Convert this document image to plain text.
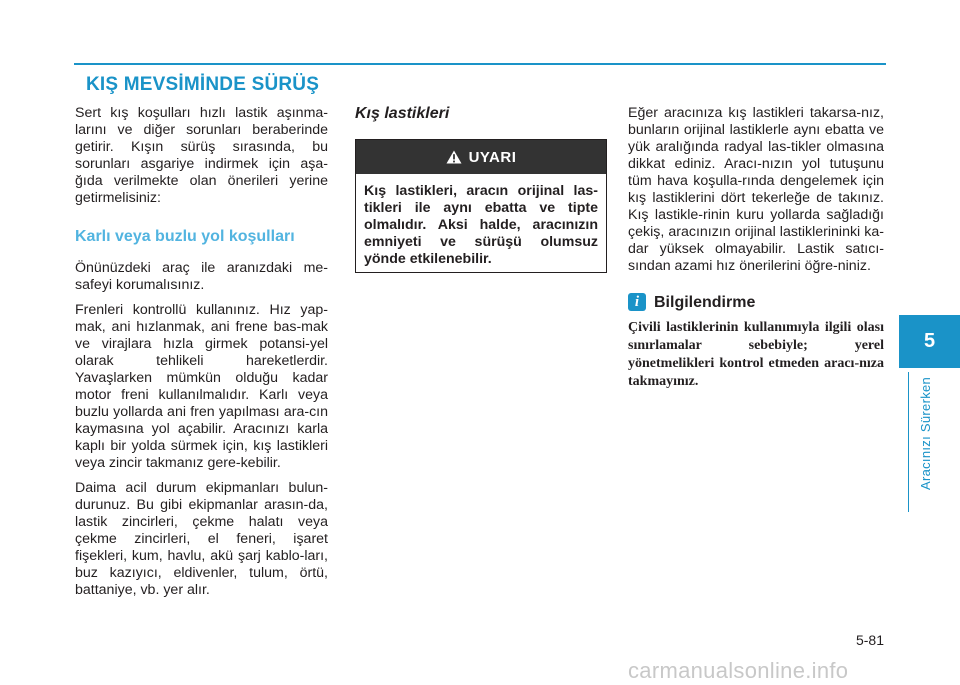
KIŞ MEVSİMİNDE SÜRÜŞ

Sert kış koşulları hızlı lastik aşınma-larını ve diğer sorunları beraberinde getirir. Kışın sürüş sırasında, bu sorunları asgariye indirmek için aşa-ğıda verilmekte olan önerileri yerine getirmelisiniz:

Karlı veya buzlu yol koşulları

Önünüzdeki araç ile aranızdaki me-safeyi korumalısınız.

Frenleri kontrollü kullanınız. Hız yap-mak, ani hızlanmak, ani frene bas-mak ve virajlara hızla girmek potansi-yel olarak tehlikeli hareketlerdir. Yavaşlarken mümkün olduğu kadar motor freni kullanılmalıdır. Karlı veya buzlu yollarda ani fren yapılması ara-cın kaymasına yol açabilir. Aracınızı karla kaplı bir yolda sürmek için, kış lastikleri veya zincir takmanız gere-kebilir.

Daima acil durum ekipmanları bulun-durunuz. Bu gibi ekipmanlar arasın-da, lastik zincirleri, çekme halatı veya çekme zincirleri, el feneri, işaret fişekleri, kum, havlu, akü şarj kablo-ları, buz kazıyıcı, eldivenler, tulum, örtü, battaniye, vb. yer alır.

Kış lastikleri
UYARI
Kış lastikleri, aracın orijinal las-tikleri ile aynı ebatta ve tipte olmalıdır. Aksi halde, aracınızın emniyeti ve sürüşü olumsuz yönde etkilenebilir.

Eğer aracınıza kış lastikleri takarsa-nız, bunların orijinal lastiklerle aynı ebatta ve yük aralığında radyal las-tikler olmasına dikkat ediniz. Aracı-nızın yol tutuşunu tüm hava koşulla-rında dengelemek için kış lastiklerini dört tekerleğe de takınız. Kış lastikle-rinin kuru yollarda sağladığı çekiş, aracınızın orijinal lastiklerininki ka-dar yüksek olmayabilir. Lastik satıcı-sından azami hız önerilerini öğre-niniz.

i Bilgilendirme

Çivili lastiklerinin kullanımıyla ilgili olası sınırlamalar sebebiyle; yerel yönetmelikleri kontrol etmeden aracı-nıza takmayınız.

5
Aracınızı Sürerken
5-81
carmanualsonline.info
